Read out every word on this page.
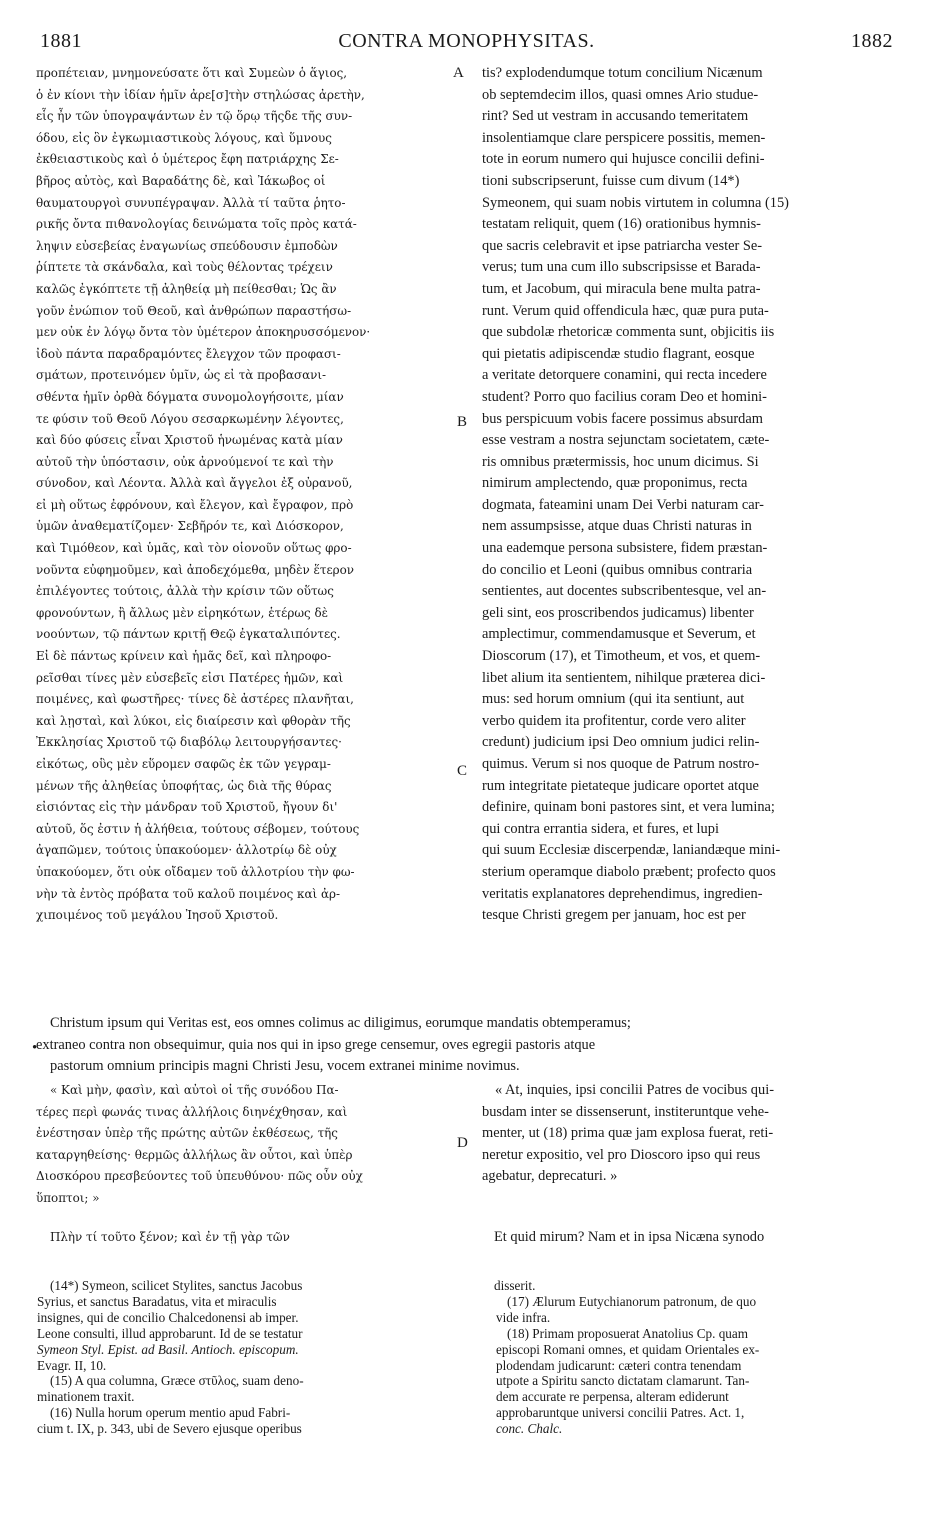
1881	CONTRA MONOPHYSITAS.	1882
A
B
C
D
•
προπέτειαν, μνημονεύσατε ὅτι καὶ Συμεὼν ὁ ἅγιος,
ὁ ἐν κίονι τὴν ἰδίαν ἡμῖν ἀρε[σ]τὴν στηλώσας ἀρετὴν,
εἷς ἦν τῶν ὑπογραψάντων ἐν τῷ ὅρῳ τῆςδε τῆς συν-
όδου, εἰς ὃν ἐγκωμιαστικοὺς λόγους, καὶ ὕμνους
ἐκθειαστικοὺς καὶ ὁ ὑμέτερος ἔφη πατριάρχης Σε-
βῆρος αὐτὸς, καὶ Βαραδάτης δὲ, καὶ Ἰάκωβος οἱ
θαυματουργοὶ συνυπέγραψαν. Ἀλλὰ τί ταῦτα ῥητο-
ρικῆς ὄντα πιθανολογίας δεινώματα τοῖς πρὸς κατά-
ληψιν εὐσεβείας ἐναγωνίως σπεύδουσιν ἐμποδὼν
ῥίπτετε τὰ σκάνδαλα, καὶ τοὺς θέλοντας τρέχειν
καλῶς ἐγκόπτετε τῇ ἀληθείᾳ μὴ πείθεσθαι; Ὡς ἂν
γοῦν ἐνώπιον τοῦ Θεοῦ, καὶ ἀνθρώπων παραστήσω-
μεν οὐκ ἐν λόγῳ ὄντα τὸν ὑμέτερον ἀποκηρυσσόμενον·
ἰδοὺ πάντα παραδραμόντες ἔλεγχον τῶν προφασι-
σμάτων, προτεινόμεν ὑμῖν, ὡς εἰ τὰ προβασανι-
σθέντα ἡμῖν ὀρθὰ δόγματα συνομολογήσοιτε, μίαν
τε φύσιν τοῦ Θεοῦ Λόγου σεσαρκωμένην λέγοντες,
καὶ δύο φύσεις εἶναι Χριστοῦ ἡνωμένας κατὰ μίαν
αὐτοῦ τὴν ὑπόστασιν, οὐκ ἀρνούμενοί τε καὶ τὴν
σύνοδον, καὶ Λέοντα. Ἀλλὰ καὶ ἄγγελοι ἐξ οὐρανοῦ,
εἰ μὴ οὕτως ἐφρόνουν, καὶ ἔλεγον, καὶ ἔγραφον, πρὸ
ὑμῶν ἀναθεματίζομεν· Σεβῆρόν τε, καὶ Διόσκορον,
καὶ Τιμόθεον, καὶ ὑμᾶς, καὶ τὸν οἱονοῦν οὕτως φρο-
νοῦντα εὐφημοῦμεν, καὶ ἀποδεχόμεθα, μηδὲν ἕτερον
ἐπιλέγοντες τούτοις, ἀλλὰ τὴν κρίσιν τῶν οὕτως
φρονούντων, ἢ ἄλλως μὲν εἰρηκότων, ἑτέρως δὲ
νοούντων, τῷ πάντων κριτῇ Θεῷ ἐγκαταλιπόντες.
Εἰ δὲ πάντως κρίνειν καὶ ἡμᾶς δεῖ, καὶ πληροφο-
ρεῖσθαι τίνες μὲν εὐσεβεῖς εἰσι Πατέρες ἡμῶν, καὶ
ποιμένες, καὶ φωστῆρες· τίνες δὲ ἀστέρες πλανῆται,
καὶ λῃσταὶ, καὶ λύκοι, εἰς διαίρεσιν καὶ φθορὰν τῆς
Ἐκκλησίας Χριστοῦ τῷ διαβόλῳ λειτουργήσαντες·
εἰκότως, οὓς μὲν εὕρομεν σαφῶς ἐκ τῶν γεγραμ-
μένων τῆς ἀληθείας ὑποφήτας, ὡς διὰ τῆς θύρας
εἰσιόντας εἰς τὴν μάνδραν τοῦ Χριστοῦ, ἤγουν δι'
αὐτοῦ, ὅς ἐστιν ἡ ἀλήθεια, τούτους σέβομεν, τούτους
ἀγαπῶμεν, τούτοις ὑπακούομεν· ἀλλοτρίῳ δὲ οὐχ
ὑπακούομεν, ὅτι οὐκ οἴδαμεν τοῦ ἀλλοτρίου τὴν φω-
νὴν τὰ ἐντὸς πρόβατα τοῦ καλοῦ ποιμένος καὶ ἀρ-
χιποιμένος τοῦ μεγάλου Ἰησοῦ Χριστοῦ.
tis? explodendumque totum concilium Nicænum
ob septemdecim illos, quasi omnes Ario studue-
rint? Sed ut vestram in accusando temeritatem
insolentiamque clare perspicere possitis, memen-
tote in eorum numero qui hujusce concilii defini-
tioni subscripserunt, fuisse cum divum (14*)
Symeonem, qui suam nobis virtutem in columna (15)
testatam reliquit, quem (16) orationibus hymnis-
que sacris celebravit et ipse patriarcha vester Se-
verus; tum una cum illo subscripsisse et Barada-
tum, et Jacobum, qui miracula bene multa patra-
runt. Verum quid offendicula hæc, quæ pura puta-
que subdolæ rhetoricæ commenta sunt, objicitis iis
qui pietatis adipiscendæ studio flagrant, eosque
a veritate detorquere conamini, qui recta incedere
student? Porro quo facilius coram Deo et homini-
bus perspicuum vobis facere possimus absurdam
esse vestram a nostra sejunctam societatem, cæte-
ris omnibus prætermissis, hoc unum dicimus. Si
nimirum amplectendo, quæ proponimus, recta
dogmata, fateamini unam Dei Verbi naturam car-
nem assumpsisse, atque duas Christi naturas in
una eademque persona subsistere, fidem præstan-
do concilio et Leoni (quibus omnibus contraria
sentientes, aut docentes subscribentesque, vel an-
geli sint, eos proscribendos judicamus) libenter
amplectimur, commendamusque et Severum, et
Dioscorum (17), et Timotheum, et vos, et quem-
libet alium ita sentientem, nihilque præterea dici-
mus: sed horum omnium (qui ita sentiunt, aut
verbo quidem ita profitentur, corde vero aliter
credunt) judicium ipsi Deo omnium judici relin-
quimus. Verum si nos quoque de Patrum nostro-
rum integritate pietateque judicare oportet atque
definire, quinam boni pastores sint, et vera lumina;
qui contra errantia sidera, et fures, et lupi
qui suum Ecclesiæ discerpendæ, laniandæque mini-
sterium operamque diabolo præbent; profecto quos
veritatis explanatores deprehendimus, ingredien-
tesque Christi gregem per januam, hoc est per
Christum ipsum qui Veritas est, eos omnes colimus ac diligimus, eorumque mandatis obtemperamus;
extraneo contra non obsequimur, quia nos qui in ipso grege censemur, oves egregii pastoris atque
pastorum omnium principis magni Christi Jesu, vocem extranei minime novimus.
« Καὶ μὴν, φασὶν, καὶ αὐτοὶ οἱ τῆς συνόδου Πα-
τέρες περὶ φωνάς τινας ἀλλήλοις διηνέχθησαν, καὶ
ἐνέστησαν ὑπὲρ τῆς πρώτης αὐτῶν ἐκθέσεως, τῆς
καταργηθείσης· θερμῶς ἀλλήλως ἂν οὗτοι, καὶ ὑπὲρ
Διοσκόρου πρεσβεύοντες τοῦ ὑπευθύνου· πῶς οὖν οὐχ
ὕποπτοι; »
Πλὴν τί τοῦτο ξένον; καὶ ἐν τῇ γὰρ τῶν
« At, inquies, ipsi concilii Patres de vocibus qui-
busdam inter se dissenserunt, institeruntque vehe-
menter, ut (18) prima quæ jam explosa fuerat, reti-
neretur expositio, vel pro Dioscoro ipso qui reus
agebatur, deprecaturi. »
Et quid mirum? Nam et in ipsa Nicæna synodo
(14*) Symeon, scilicet Stylites, sanctus Jacobus
Syrius, et sanctus Baradatus, vita et miraculis
insignes, qui de concilio Chalcedonensi ab imper.
Leone consulti, illud approbarunt. Id de se testatur
Symeon Styl. Epist. ad Basil. Antioch. episcopum.
Evagr. II, 10.
(15) A qua columna, Græce στῦλος, suam deno-
minationem traxit.
(16) Nulla horum operum mentio apud Fabri-
cium t. IX, p. 343, ubi de Severo ejusque operibus
disserit.
(17) Ælurum Eutychianorum patronum, de quo
vide infra.
(18) Primam proposuerat Anatolius Cp. quam
episcopi Romani omnes, et quidam Orientales ex-
plodendam judicarunt: cæteri contra tenendam
utpote a Spiritu sancto dictatam clamarunt. Tan-
dem accurate re perpensa, alteram ediderunt
approbaruntque universi concilii Patres. Act. 1,
conc. Chalc.
